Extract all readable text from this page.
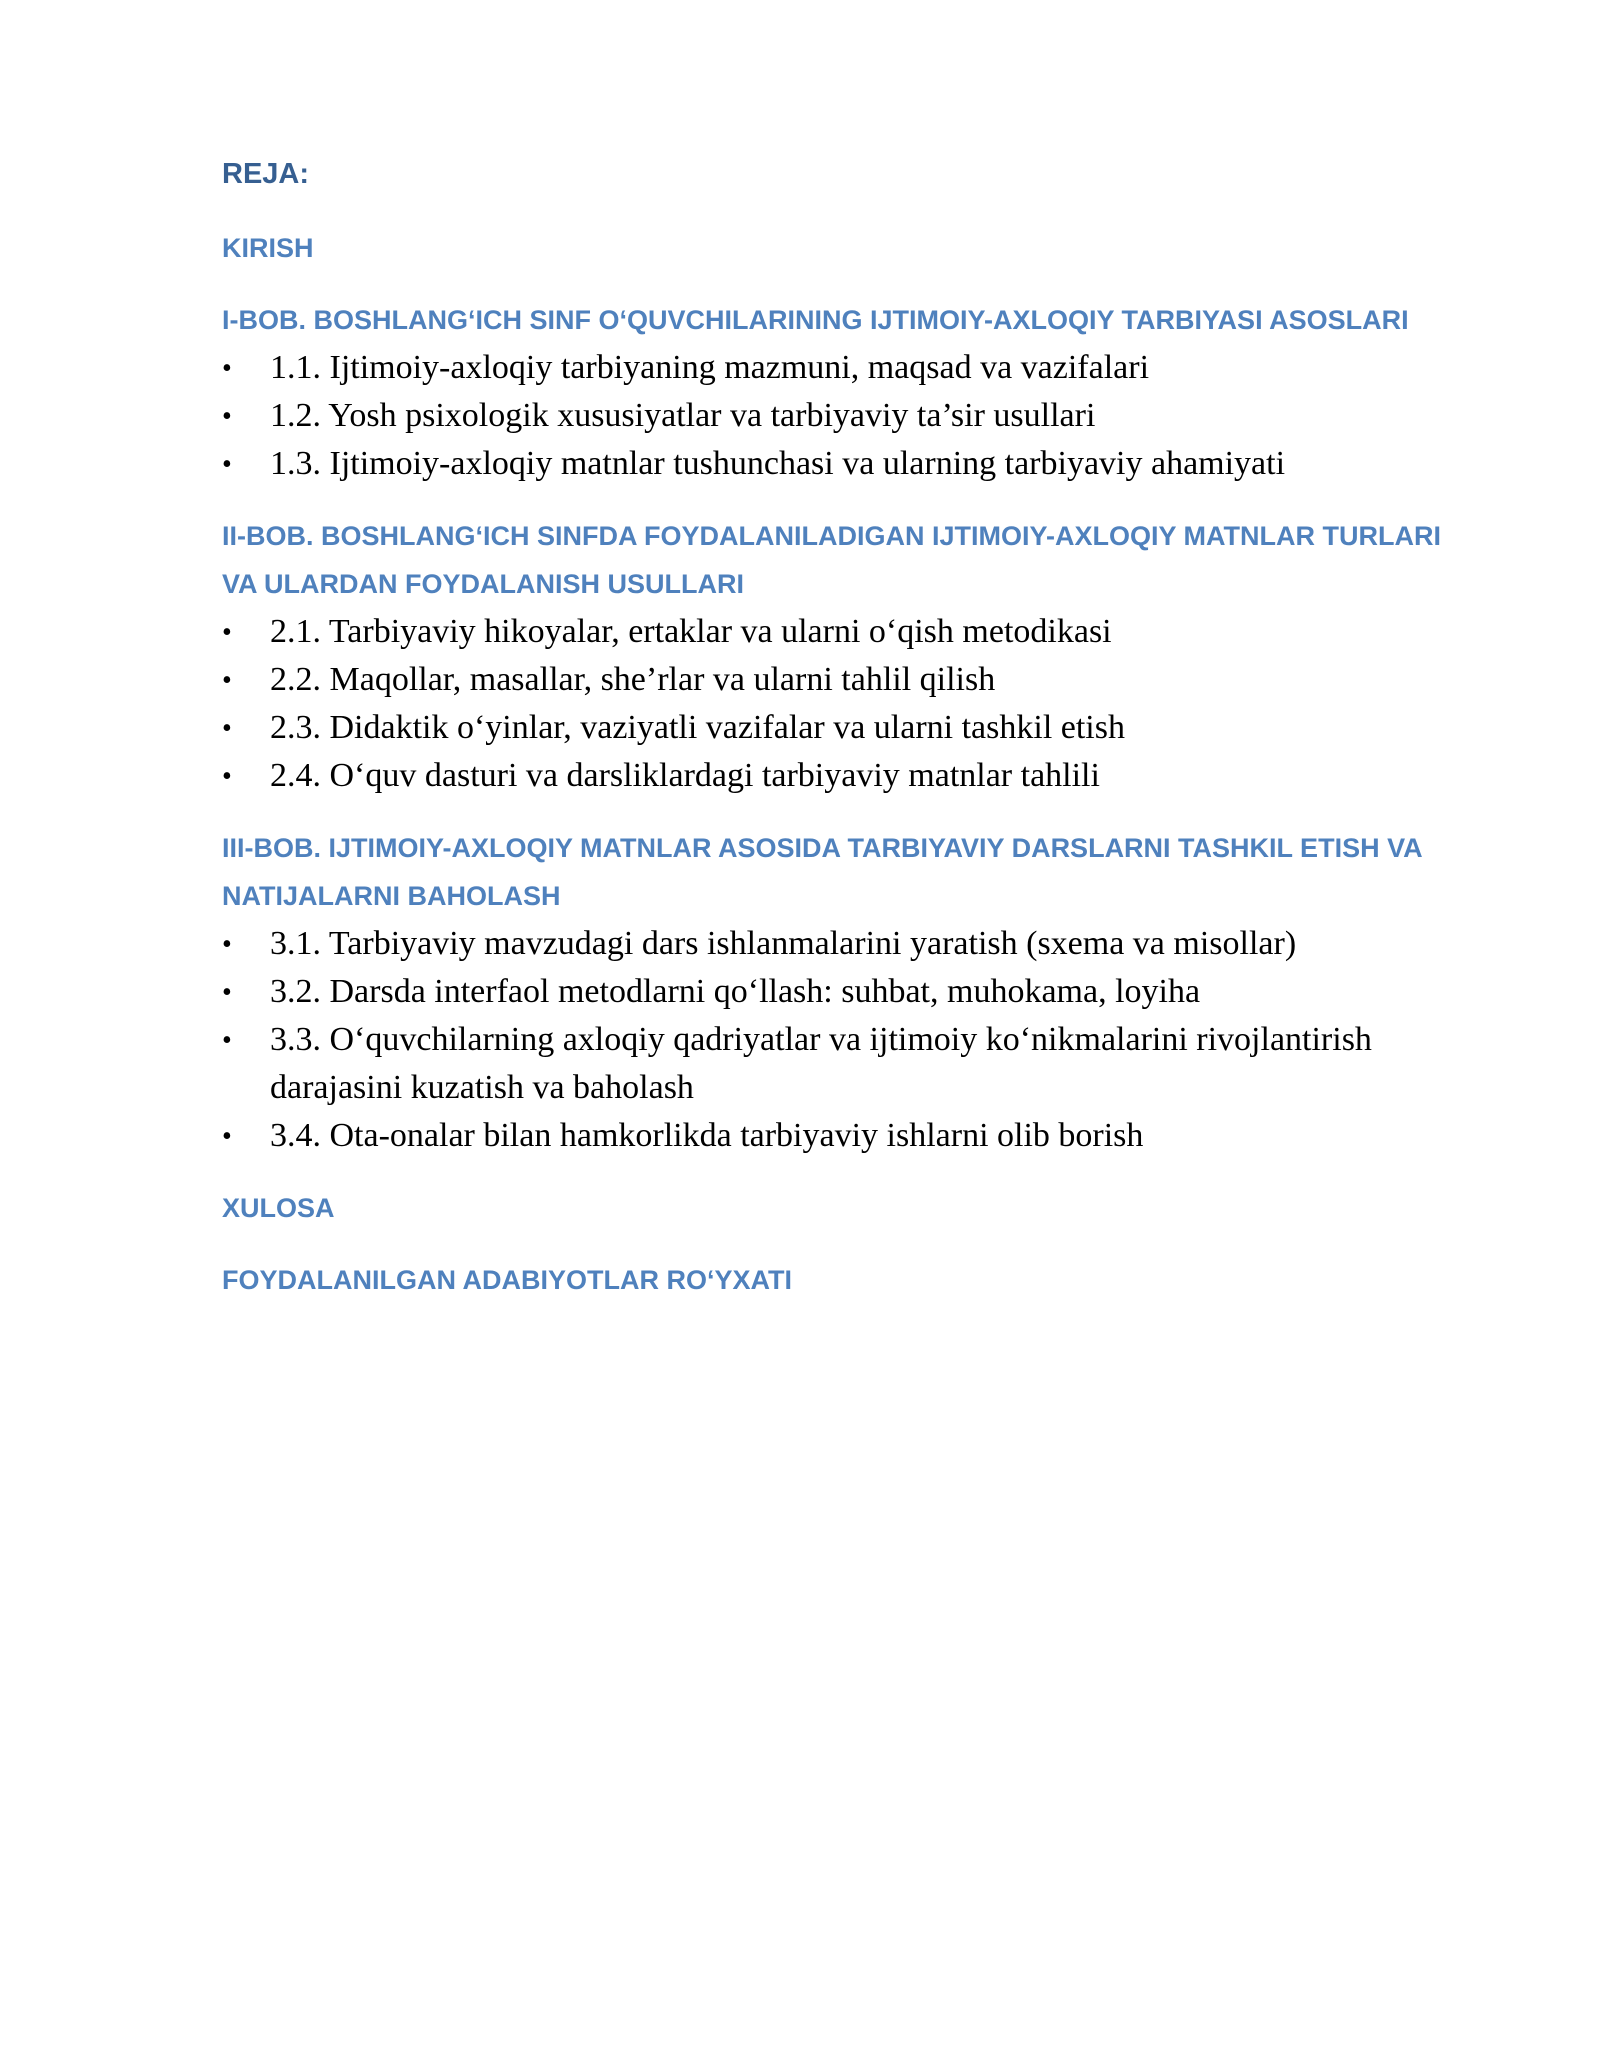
REJA:
KIRISH
I-BOB. BOSHLANG‘ICH SINF O‘QUVCHILARINING IJTIMOIY-AXLOQIY TARBIYASI ASOSLARI
• 1.1. Ijtimoiy-axloqiy tarbiyaning mazmuni, maqsad va vazifalari
• 1.2. Yosh psixologik xususiyatlar va tarbiyaviy ta’sir usullari
• 1.3. Ijtimoiy-axloqiy matnlar tushunchasi va ularning tarbiyaviy ahamiyati
II-BOB. BOSHLANG‘ICH SINFDA FOYDALANILADIGAN IJTIMOIY-AXLOQIY MATNLAR TURLARI VA ULARDAN FOYDALANISH USULLARI
• 2.1. Tarbiyaviy hikoyalar, ertaklar va ularni o‘qish metodikasi
• 2.2. Maqollar, masallar, she’rlar va ularni tahlil qilish
• 2.3. Didaktik o‘yinlar, vaziyatli vazifalar va ularni tashkil etish
• 2.4. O‘quv dasturi va darsliklardagi tarbiyaviy matnlar tahlili
III-BOB. IJTIMOIY-AXLOQIY MATNLAR ASOSIDA TARBIYAVIY DARSLARNI TASHKIL ETISH VA NATIJALARNI BAHOLASH
• 3.1. Tarbiyaviy mavzudagi dars ishlanmalarini yaratish (sxema va misollar)
• 3.2. Darsda interfaol metodlarni qo‘llash: suhbat, muhokama, loyiha
• 3.3. O‘quvchilarning axloqiy qadriyatlar va ijtimoiy ko‘nikmalarini rivojlantirish darajasini kuzatish va baholash
• 3.4. Ota-onalar bilan hamkorlikda tarbiyaviy ishlarni olib borish
XULOSA
FOYDALANILGAN ADABIYOTLAR RO‘YXATI
